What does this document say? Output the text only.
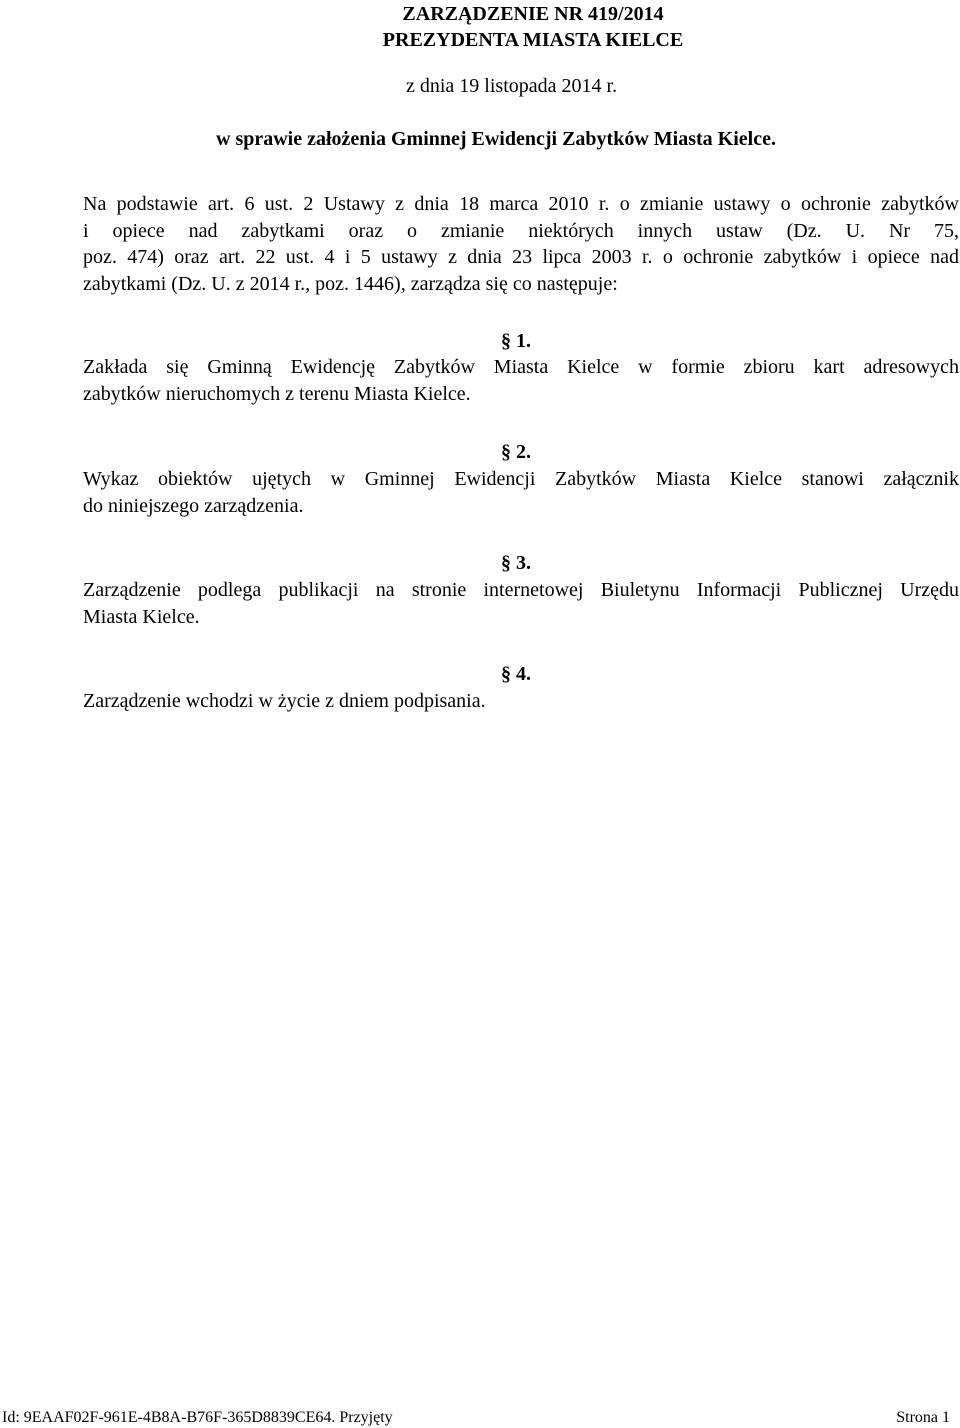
ZARZĄDZENIE NR 419/2014
PREZYDENTA MIASTA KIELCE
z dnia 19 listopada 2014 r.
w sprawie założenia Gminnej Ewidencji Zabytków Miasta Kielce.
Na podstawie art. 6 ust. 2 Ustawy z dnia 18 marca 2010 r. o zmianie ustawy o ochronie zabytków
i opiece nad zabytkami oraz o zmianie niektórych innych ustaw (Dz. U. Nr 75,
poz. 474) oraz art. 22 ust. 4 i 5 ustawy z dnia 23 lipca 2003 r. o ochronie zabytków i opiece nad
zabytkami (Dz. U. z 2014 r., poz. 1446), zarządza się co następuje:
§ 1.
Zakłada się Gminną Ewidencję Zabytków Miasta Kielce w formie zbioru kart adresowych
zabytków nieruchomych z terenu Miasta Kielce.
§ 2.
Wykaz obiektów ujętych w Gminnej Ewidencji Zabytków Miasta Kielce stanowi załącznik
do niniejszego zarządzenia.
§ 3.
Zarządzenie podlega publikacji na stronie internetowej Biuletynu Informacji Publicznej Urzędu
Miasta Kielce.
§ 4.
Zarządzenie wchodzi w życie z dniem podpisania.
Id: 9EAAF02F-961E-4B8A-B76F-365D8839CE64. Przyjęty	Strona 1
